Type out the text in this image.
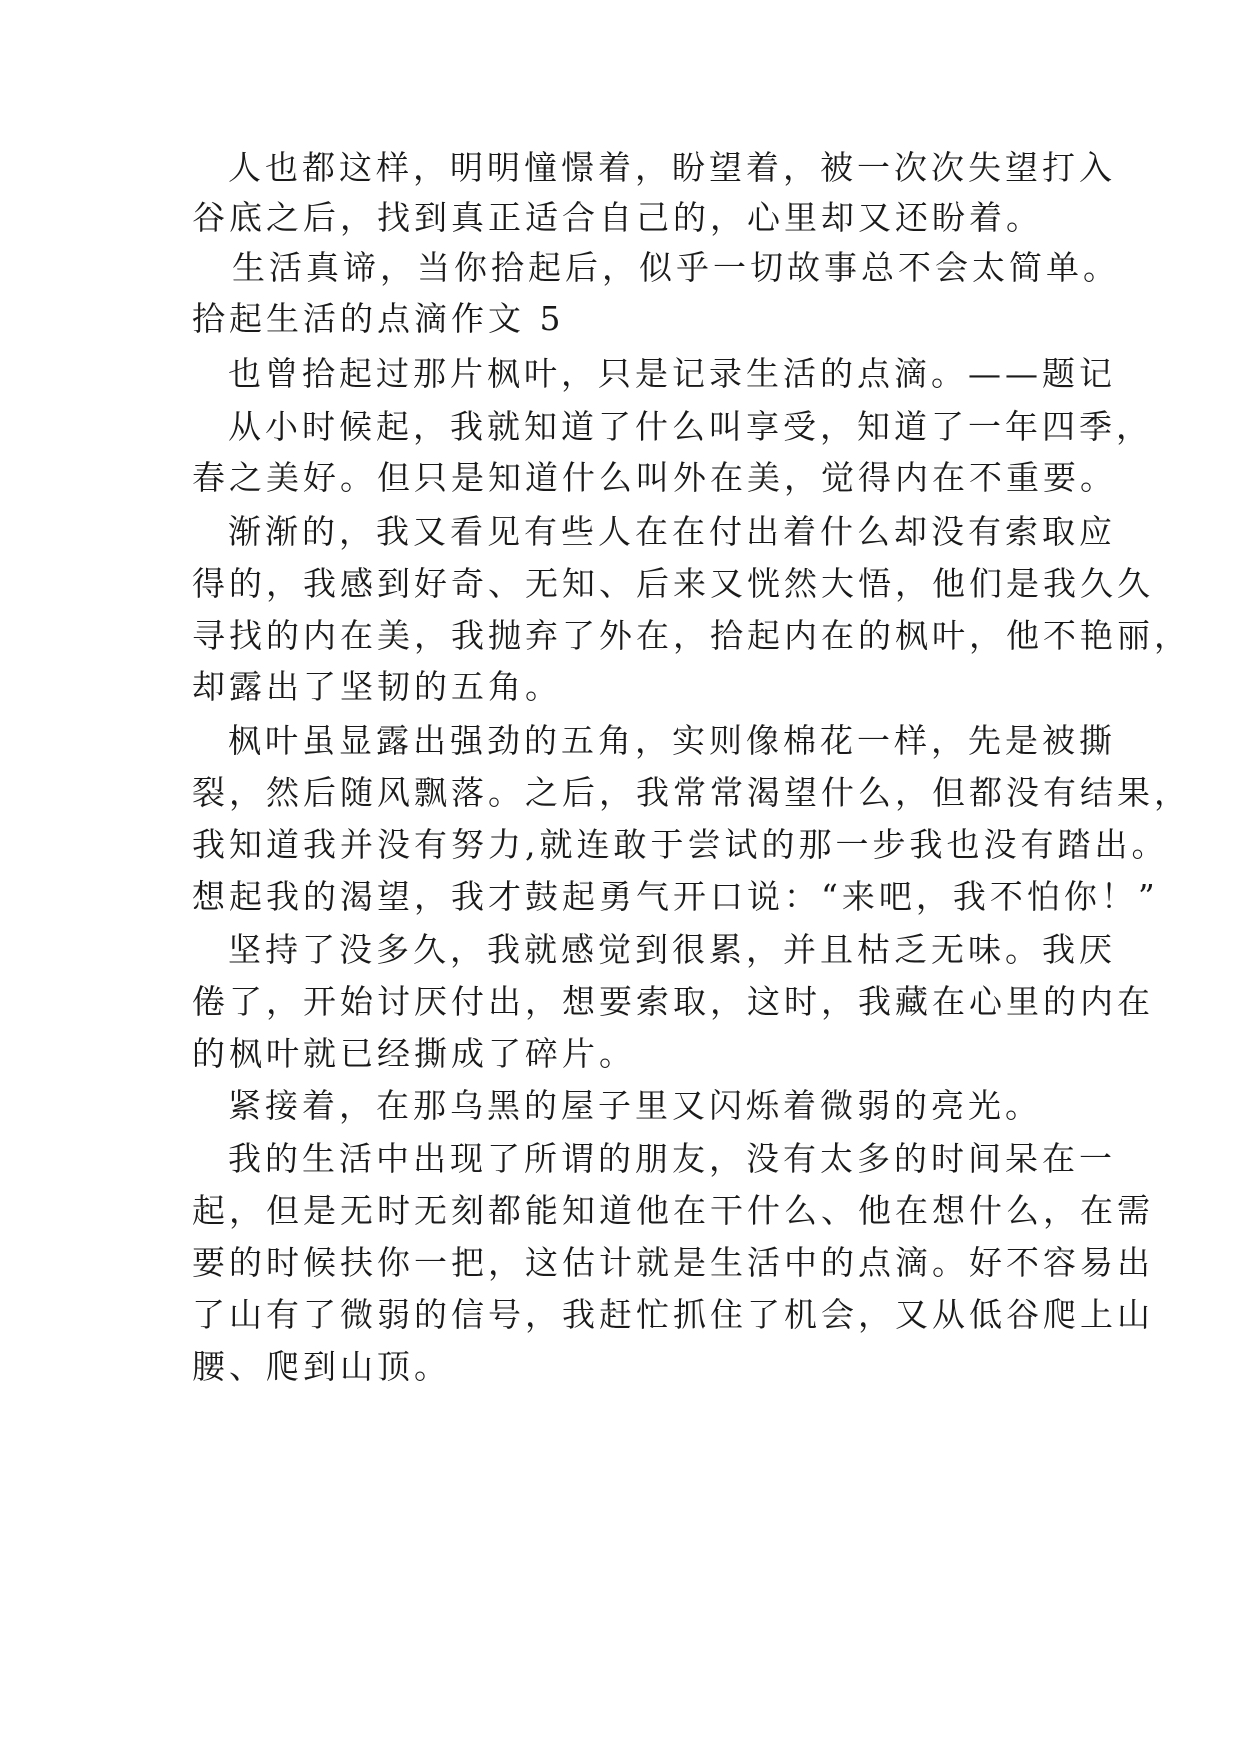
人也都这样，明明憧憬着，盼望着，被一次次失望打入
谷底之后，找到真正适合自己的，心里却又还盼着。
生活真谛，当你拾起后，似乎一切故事总不会太简单。
拾起生活的点滴作文 5
也曾拾起过那片枫叶，只是记录生活的点滴。——题记
从小时候起，我就知道了什么叫享受，知道了一年四季，
春之美好。但只是知道什么叫外在美，觉得内在不重要。
渐渐的，我又看见有些人在在付出着什么却没有索取应
得的，我感到好奇、无知、后来又恍然大悟，他们是我久久
寻找的内在美，我抛弃了外在，拾起内在的枫叶，他不艳丽，
却露出了坚韧的五角。
枫叶虽显露出强劲的五角，实则像棉花一样，先是被撕
裂，然后随风飘落。之后，我常常渴望什么，但都没有结果，
我知道我并没有努力,就连敢于尝试的那一步我也没有踏出。
想起我的渴望，我才鼓起勇气开口说：“来吧，我不怕你！”
坚持了没多久，我就感觉到很累，并且枯乏无味。我厌
倦了，开始讨厌付出，想要索取，这时，我藏在心里的内在
的枫叶就已经撕成了碎片。
紧接着，在那乌黑的屋子里又闪烁着微弱的亮光。
我的生活中出现了所谓的朋友，没有太多的时间呆在一
起，但是无时无刻都能知道他在干什么、他在想什么，在需
要的时候扶你一把，这估计就是生活中的点滴。好不容易出
了山有了微弱的信号，我赶忙抓住了机会，又从低谷爬上山
腰、爬到山顶。
